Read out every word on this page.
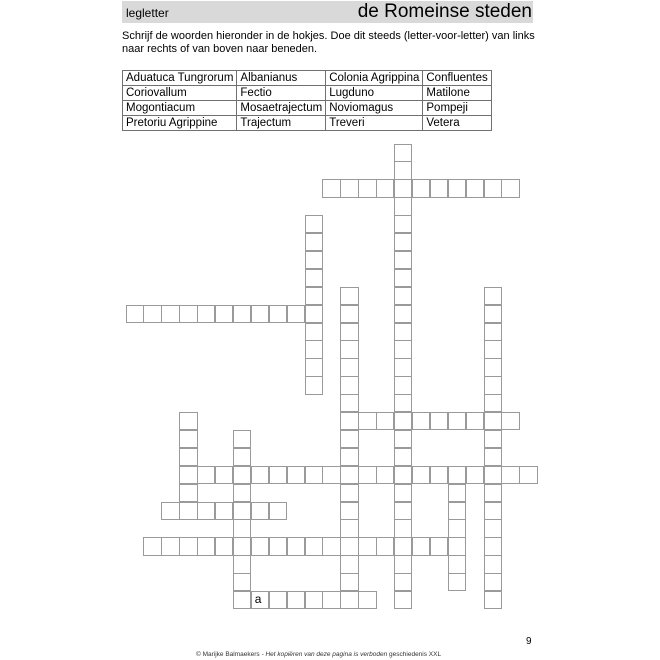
legletter	de Romeinse steden
Schrijf de woorden hieronder in de hokjes. Doe dit steeds (letter-voor-letter) van links naar rechts of van boven naar beneden.
Aduatuca Tungrorum	Albanianus	Colonia Agrippina	Confluentes
Coriovallum	Fectio	Lugduno	Matilone
Mogontiacum	Mosaetrajectum	Noviomagus	Pompeji
Pretoriu Agrippine	Trajectum	Treveri	Vetera
a
© Marijke Balmaekers - Het kopiëren van deze pagina is verboden geschiedenis XXL
9
